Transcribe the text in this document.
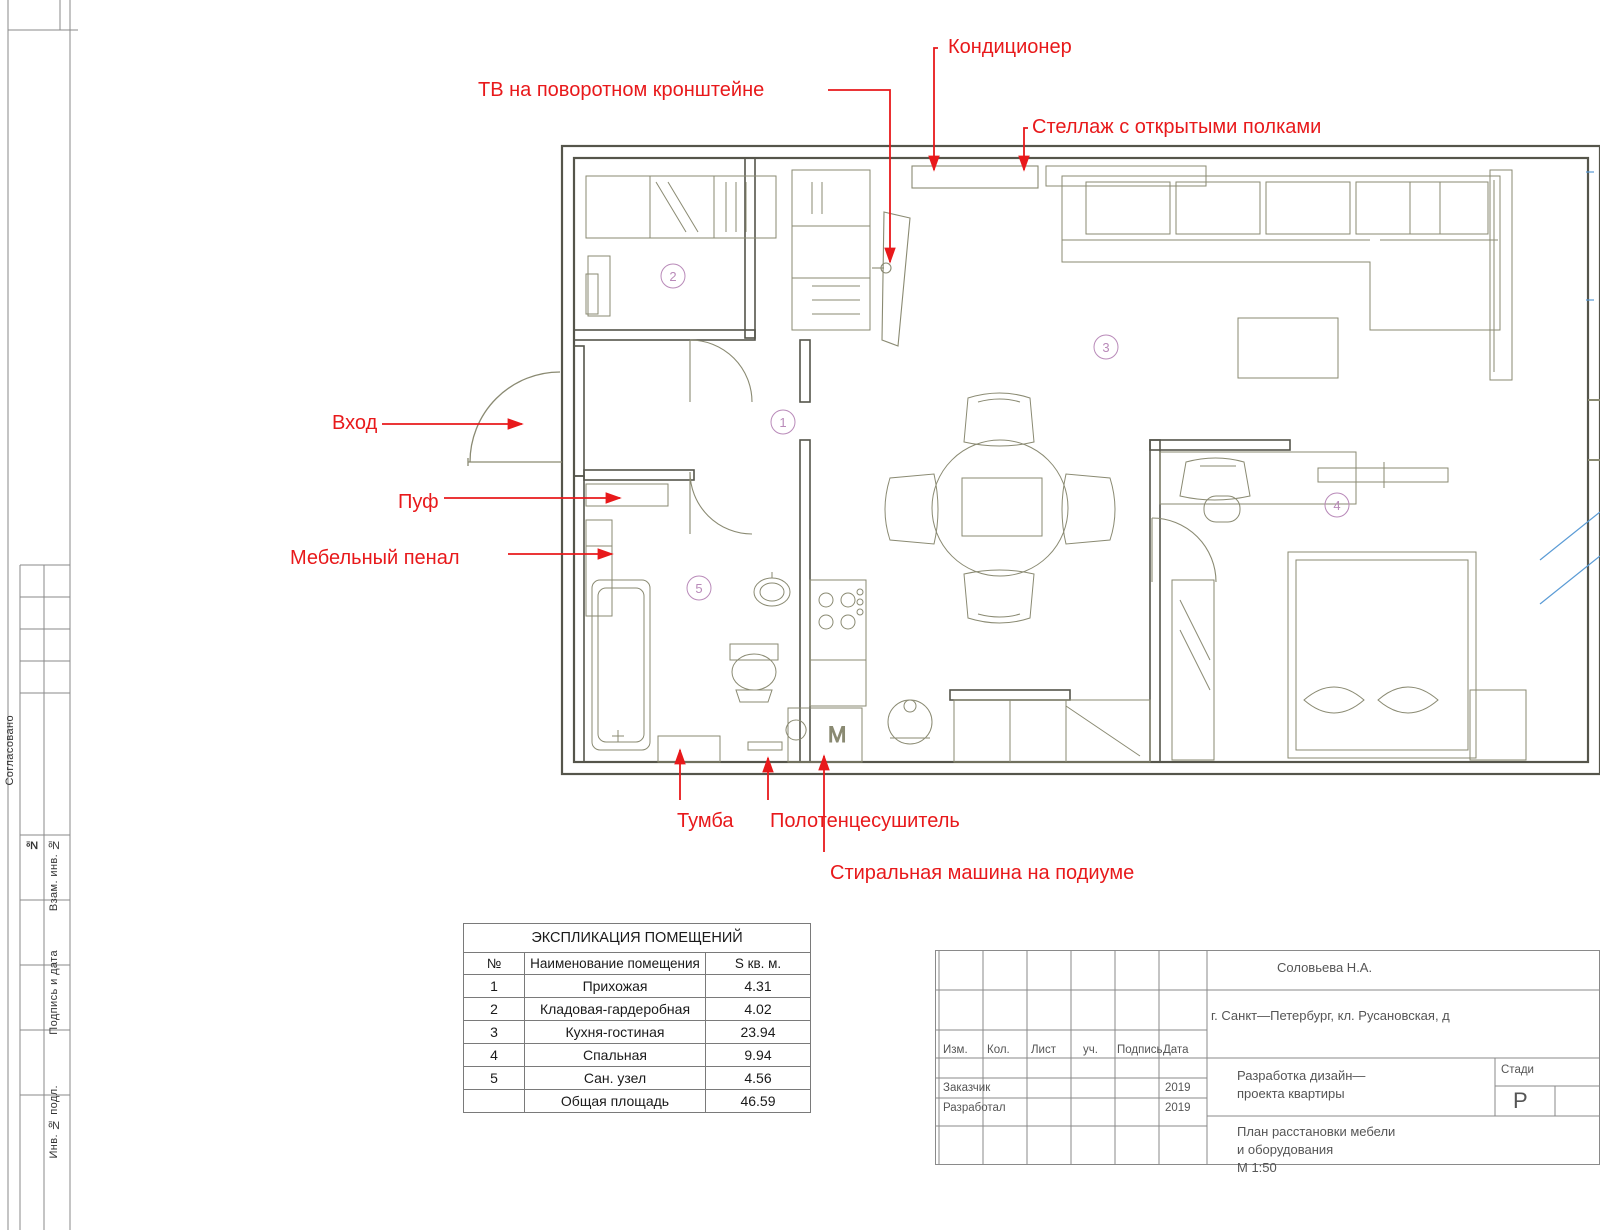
Согласовано
№ Взам. инв. №
Подпись и дата
Инв. № подл.
М
2
3
1
4
5
Кондиционер
ТВ на поворотном кронштейне
Стеллаж с открытыми полками
Вход
Пуф
Мебельный пенал
Тумба Полотенцесушитель
Стиральная машина на подиуме
ЭКСПЛИКАЦИЯ ПОМЕЩЕНИЙ		
№	Наименование помещения	S кв. м.
1	Прихожая	4.31
2	Кладовая-гардеробная	4.02
3	Кухня-гостиная	23.94
4	Спальная	9.94
5	Сан. узел	4.56
	Общая площадь	46.59
Изм. Кол. Лист уч. Подпись Дата
Заказчик
Разработал
2019
2019
Соловьева Н.А.
г. Санкт—Петербург, кл. Русановская, д
Разработка дизайн—
проекта квартиры
Стади
Р
План расстановки мебели
и оборудования
М 1:50
